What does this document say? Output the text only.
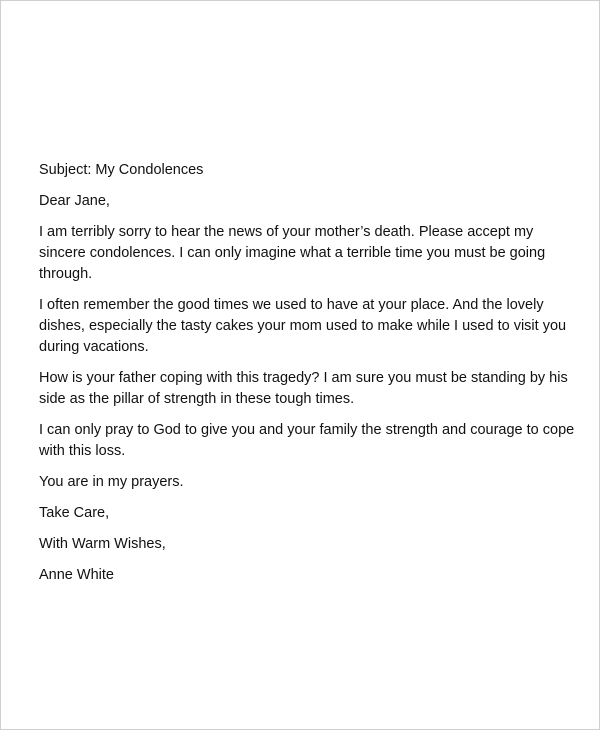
Subject: My Condolences

Dear Jane,

I am terribly sorry to hear the news of your mother’s death. Please accept my
sincere condolences. I can only imagine what a terrible time you must be going
through.

I often remember the good times we used to have at your place. And the lovely
dishes, especially the tasty cakes your mom used to make while I used to visit you
during vacations.

How is your father coping with this tragedy? I am sure you must be standing by his
side as the pillar of strength in these tough times.

I can only pray to God to give you and your family the strength and courage to cope
with this loss.

You are in my prayers.

Take Care,

With Warm Wishes,

Anne White
